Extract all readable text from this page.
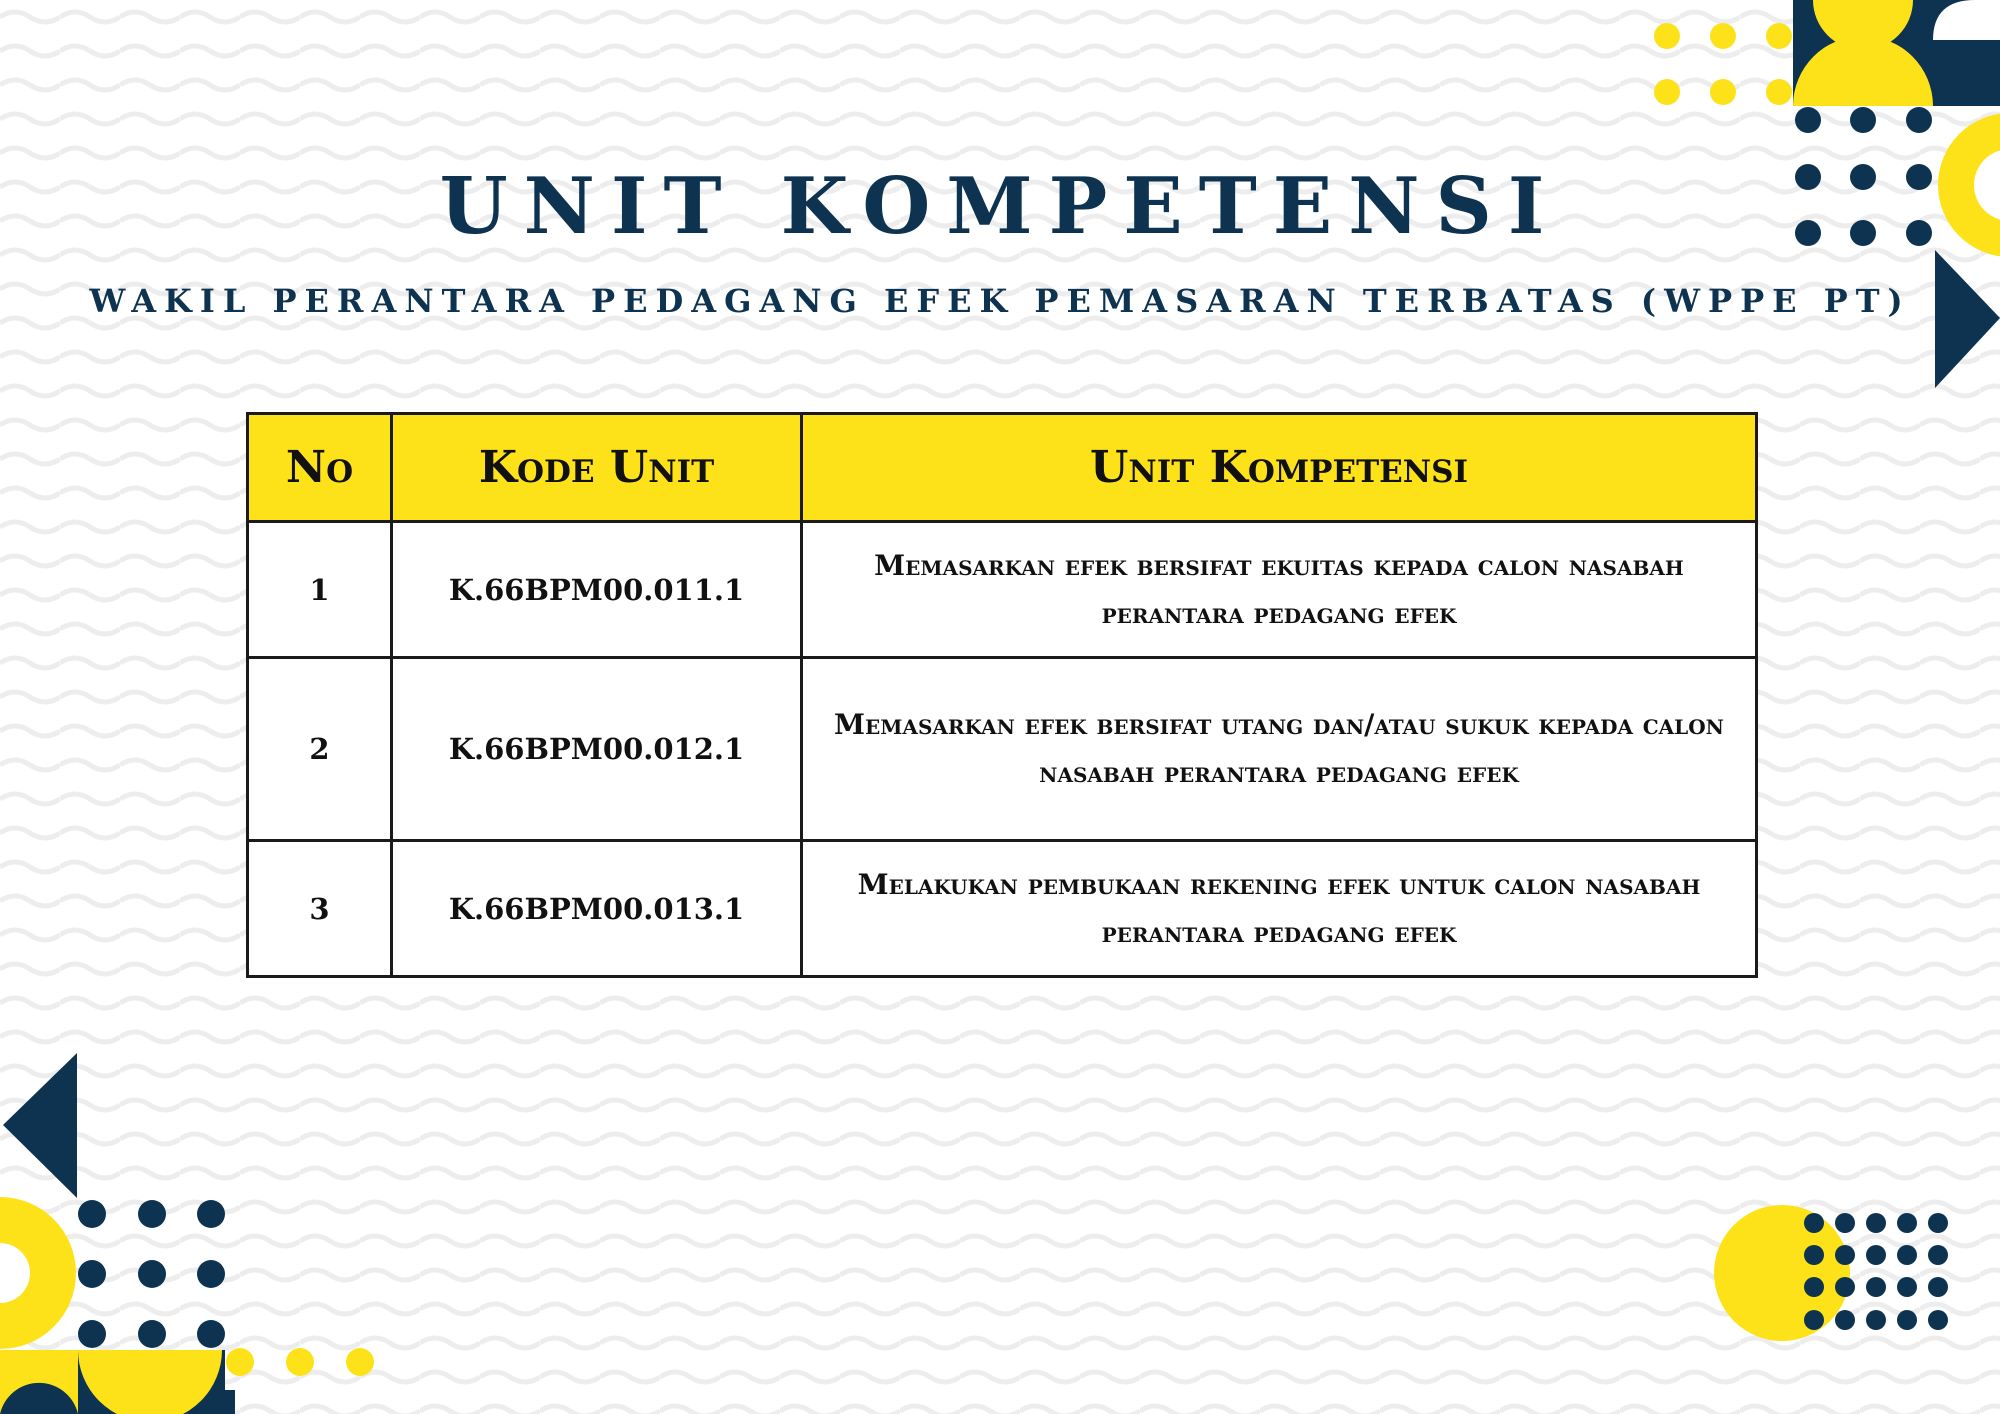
UNIT KOMPETENSI
WAKIL PERANTARA PEDAGANG EFEK PEMASARAN TERBATAS (WPPE PT)
No	Kode Unit	Unit Kompetensi
1	K.66BPM00.011.1	Memasarkan efek bersifat ekuitas kepada calon nasabah perantara pedagang efek
2	K.66BPM00.012.1	Memasarkan efek bersifat utang dan/atau sukuk kepada calon nasabah perantara pedagang efek
3	K.66BPM00.013.1	Melakukan pembukaan rekening efek untuk calon nasabah perantara pedagang efek
